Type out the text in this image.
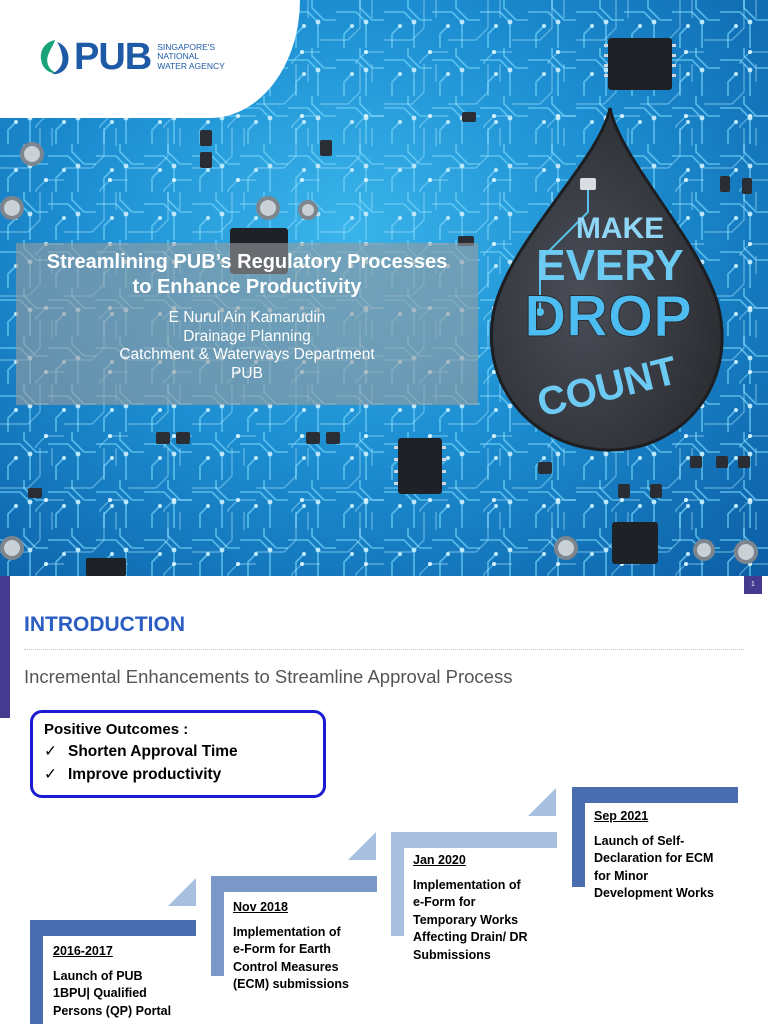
PUB SINGAPORE'S
NATIONAL
WATER AGENCY
Streamlining PUB’s Regulatory Processes
to Enhance Productivity
E Nurul Ain Kamarudin
Drainage Planning
Catchment & Waterways Department
PUB
MAKE
EVERY
DROP
COUNT
1
INTRODUCTION
Incremental Enhancements to Streamline Approval Process
Positive Outcomes :
✓ Shorten Approval Time
✓ Improve productivity
2016-2017
Launch of PUB
1BPU| Qualified
Persons (QP) Portal
Nov 2018
Implementation of
e-Form for Earth
Control Measures
(ECM) submissions
Jan 2020
Implementation of
e-Form for
Temporary Works
Affecting Drain/ DR
Submissions
Sep 2021
Launch of Self-
Declaration for ECM
for Minor
Development Works
